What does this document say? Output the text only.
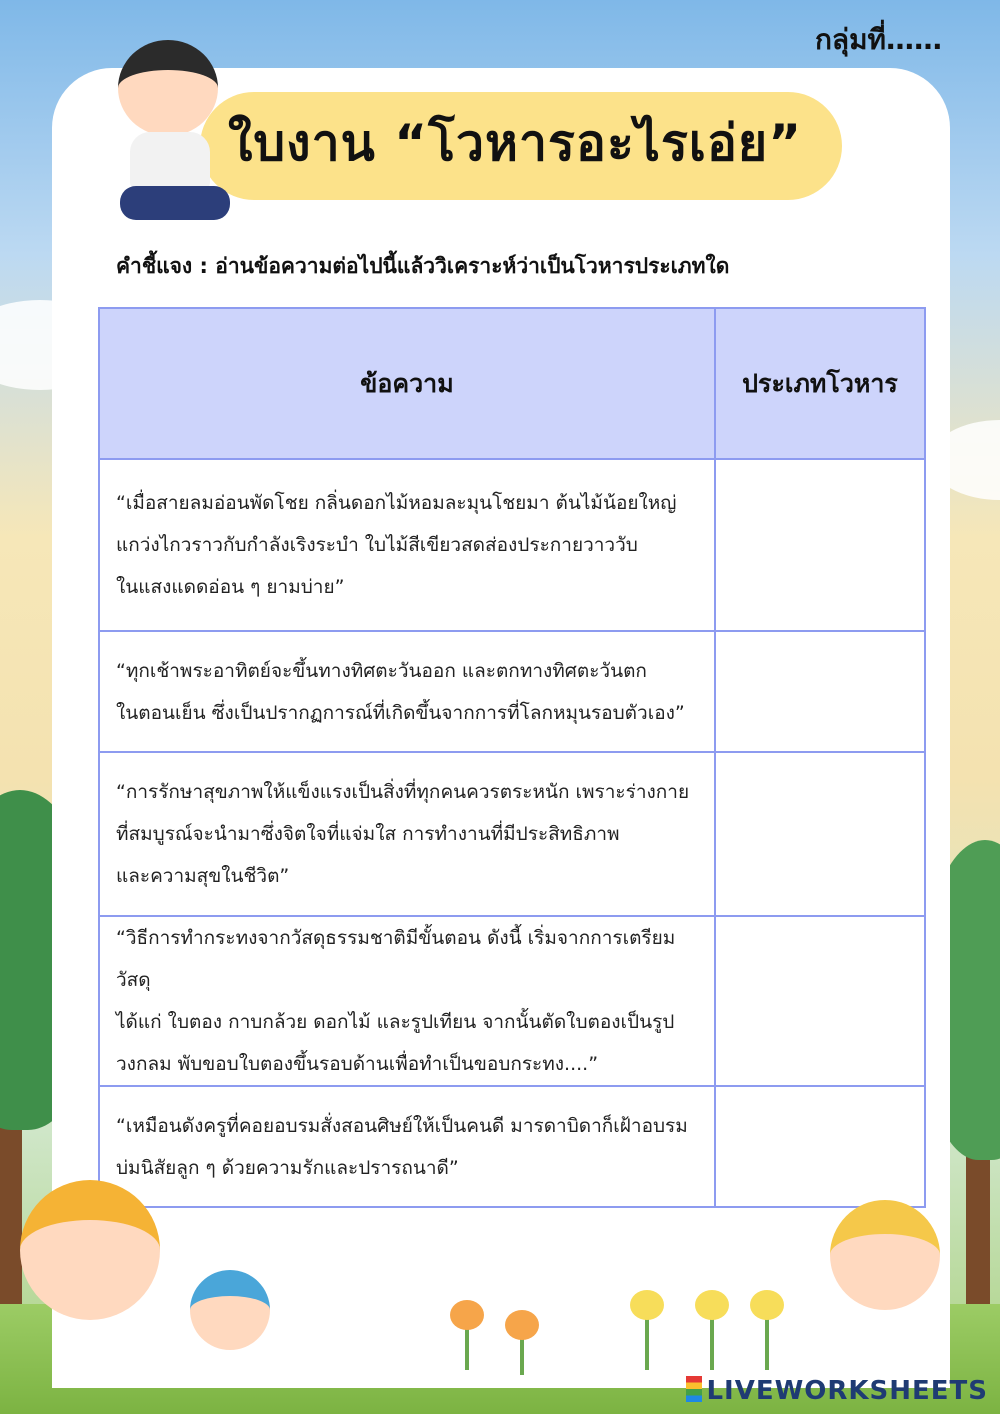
กลุ่มที่……
ใบงาน “โวหารอะไรเอ่ย”
คำชี้แจง : อ่านข้อความต่อไปนี้แล้ววิเคราะห์ว่าเป็นโวหารประเภทใด
ข้อความ	ประเภทโวหาร

“เมื่อสายลมอ่อนพัดโชย กลิ่นดอกไม้หอมละมุนโชยมา ต้นไม้น้อยใหญ่
แกว่งไกวราวกับกำลังเริงระบำ ใบไม้สีเขียวสดส่องประกายวาววับ
ในแสงแดดอ่อน ๆ ยามบ่าย”	

“ทุกเช้าพระอาทิตย์จะขึ้นทางทิศตะวันออก และตกทางทิศตะวันตก
ในตอนเย็น ซึ่งเป็นปรากฏการณ์ที่เกิดขึ้นจากการที่โลกหมุนรอบตัวเอง”	

“การรักษาสุขภาพให้แข็งแรงเป็นสิ่งที่ทุกคนควรตระหนัก เพราะร่างกาย
ที่สมบูรณ์จะนำมาซึ่งจิตใจที่แจ่มใส การทำงานที่มีประสิทธิภาพ
และความสุขในชีวิต”	

“วิธีการทำกระทงจากวัสดุธรรมชาติมีขั้นตอน ดังนี้ เริ่มจากการเตรียมวัสดุ
ได้แก่ ใบตอง กาบกล้วย ดอกไม้ และรูปเทียน จากนั้นตัดใบตองเป็นรูป
วงกลม พับขอบใบตองขึ้นรอบด้านเพื่อทำเป็นขอบกระทง....”	

“เหมือนดังครูที่คอยอบรมสั่งสอนศิษย์ให้เป็นคนดี มารดาบิดาก็เฝ้าอบรม
บ่มนิสัยลูก ๆ ด้วยความรักและปรารถนาดี”	

LIVEWORKSHEETS
